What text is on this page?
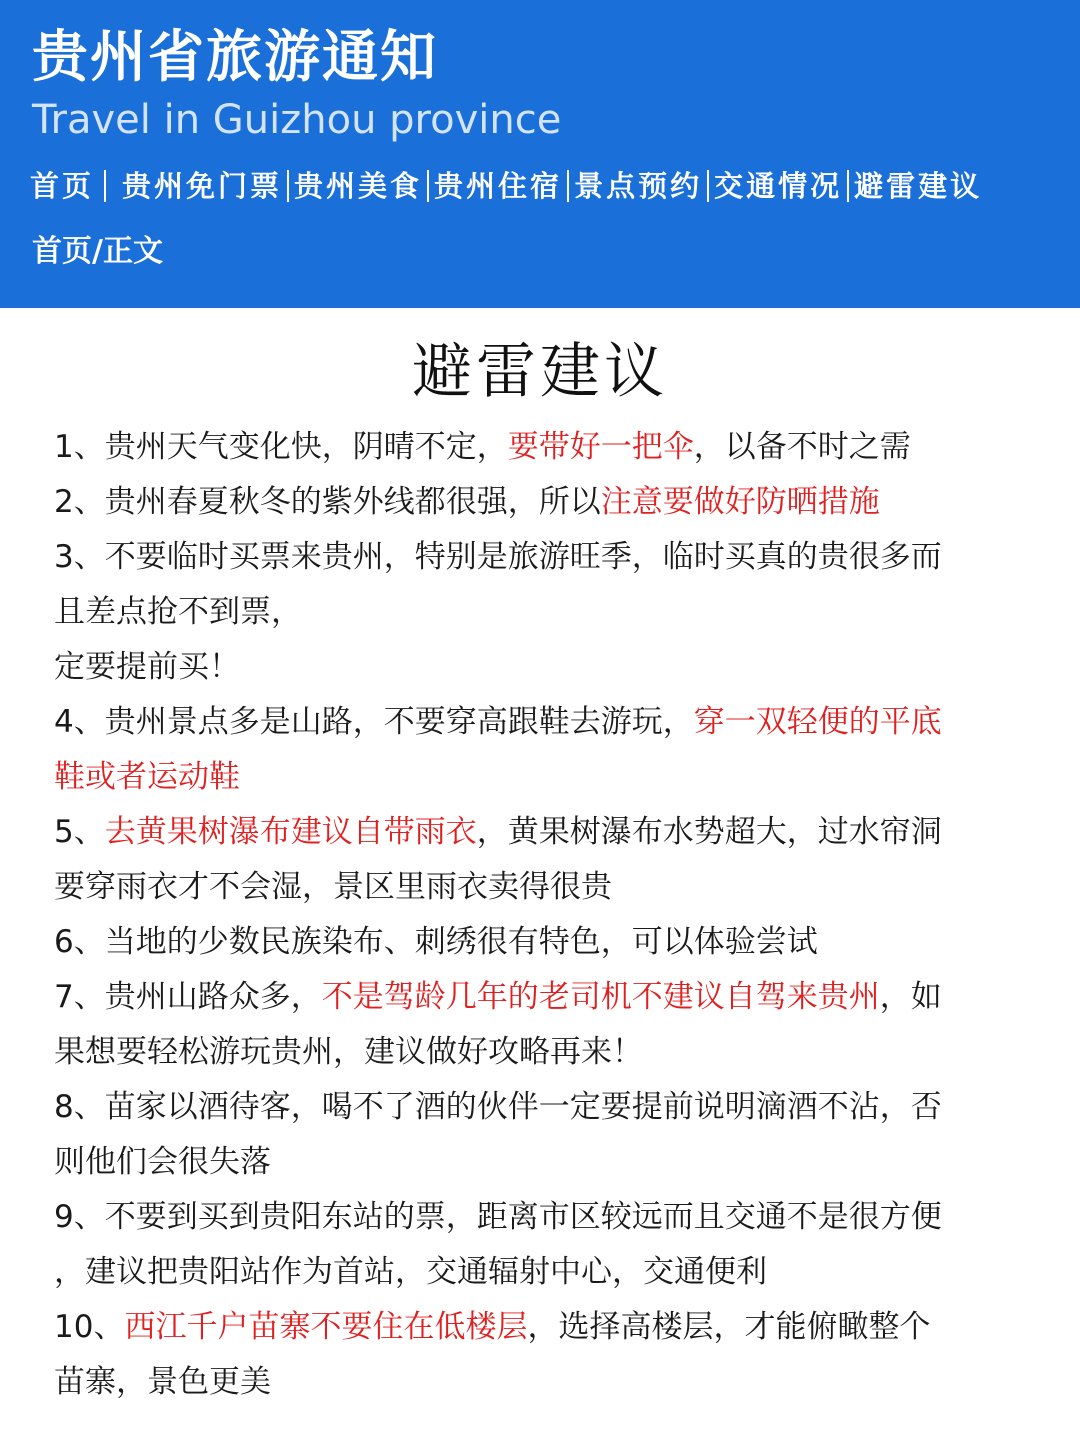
贵州省旅游通知
Travel in Guizhou province
首页 贵州免门票 贵州美食 贵州住宿 景点预约 交通情况 避雷建议
首页/正文
避雷建议
1、贵州天气变化快，阴晴不定，要带好一把伞，以备不时之需
2、贵州春夏秋冬的紫外线都很强，所以注意要做好防晒措施
3、不要临时买票来贵州，特别是旅游旺季，临时买真的贵很多而
且差点抢不到票，
定要提前买！
4、贵州景点多是山路，不要穿高跟鞋去游玩，穿一双轻便的平底
鞋或者运动鞋
5、去黄果树瀑布建议自带雨衣，黄果树瀑布水势超大，过水帘洞
要穿雨衣才不会湿，景区里雨衣卖得很贵
6、当地的少数民族染布、刺绣很有特色，可以体验尝试
7、贵州山路众多，不是驾龄几年的老司机不建议自驾来贵州，如
果想要轻松游玩贵州，建议做好攻略再来！
8、苗家以酒待客，喝不了酒的伙伴一定要提前说明滴酒不沾，否
则他们会很失落
9、不要到买到贵阳东站的票，距离市区较远而且交通不是很方便
，建议把贵阳站作为首站，交通辐射中心，交通便利
10、西江千户苗寨不要住在低楼层，选择高楼层，才能俯瞰整个
苗寨，景色更美
